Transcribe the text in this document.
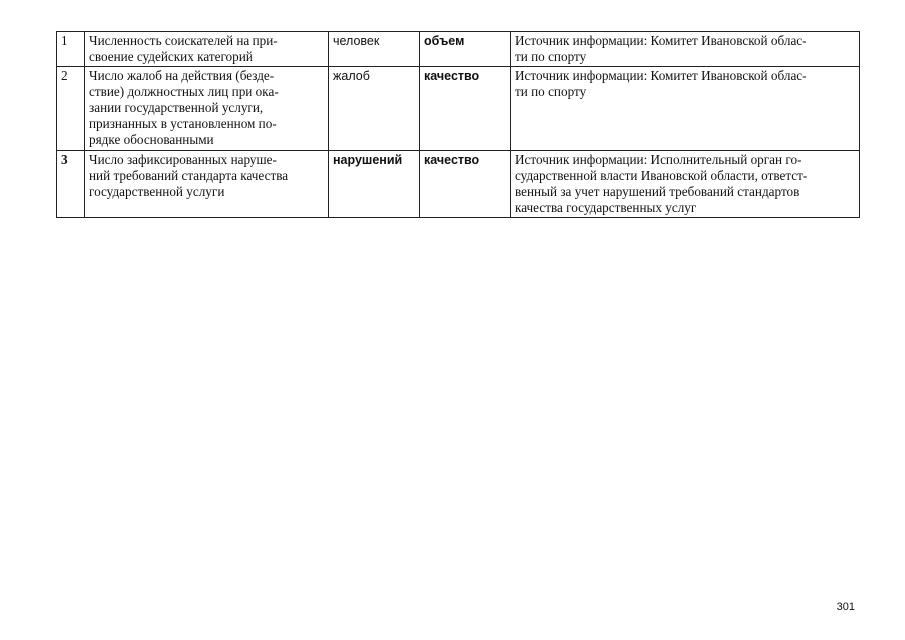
1	Численность соискателей на при-
своение судейских категорий	человек	объем	Источник информации: Комитет Ивановской облас-
ти по спорту
2	Число жалоб на действия (безде-
ствие) должностных лиц при ока-
зании государственной услуги,
признанных в установленном по-
рядке обоснованными	жалоб	качество	Источник информации: Комитет Ивановской облас-
ти по спорту
3	Число зафиксированных наруше-
ний требований стандарта качества
государственной услуги	нарушений	качество	Источник информации: Исполнительный орган го-
сударственной власти Ивановской области, ответст-
венный за учет нарушений требований стандартов
качества государственных услуг
301
